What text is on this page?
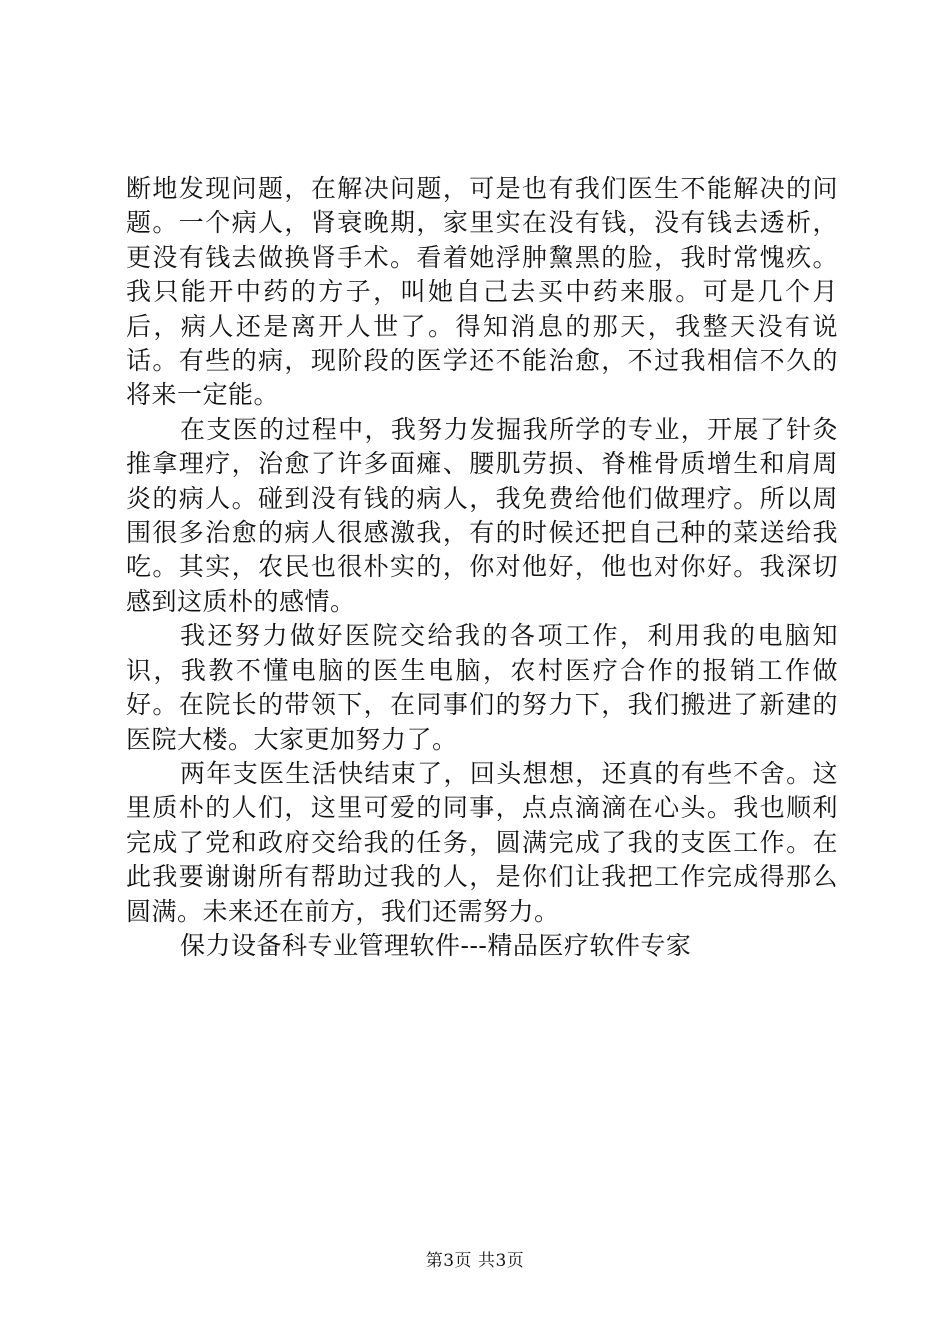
断地发现问题，在解决问题，可是也有我们医生不能解决的问题。一个病人，肾衰晚期，家里实在没有钱，没有钱去透析，更没有钱去做换肾手术。看着她浮肿黧黑的脸，我时常愧疚。我只能开中药的方子，叫她自己去买中药来服。可是几个月后，病人还是离开人世了。得知消息的那天，我整天没有说话。有些的病，现阶段的医学还不能治愈，不过我相信不久的将来一定能。

在支医的过程中，我努力发掘我所学的专业，开展了针灸推拿理疗，治愈了许多面瘫、腰肌劳损、脊椎骨质增生和肩周炎的病人。碰到没有钱的病人，我免费给他们做理疗。所以周围很多治愈的病人很感激我，有的时候还把自己种的菜送给我吃。其实，农民也很朴实的，你对他好，他也对你好。我深切感到这质朴的感情。

我还努力做好医院交给我的各项工作，利用我的电脑知识，我教不懂电脑的医生电脑，农村医疗合作的报销工作做好。在院长的带领下，在同事们的努力下，我们搬进了新建的医院大楼。大家更加努力了。

两年支医生活快结束了，回头想想，还真的有些不舍。这里质朴的人们，这里可爱的同事，点点滴滴在心头。我也顺利完成了党和政府交给我的任务，圆满完成了我的支医工作。在此我要谢谢所有帮助过我的人，是你们让我把工作完成得那么圆满。未来还在前方，我们还需努力。

保力设备科专业管理软件---精品医疗软件专家

第3页 共3页
